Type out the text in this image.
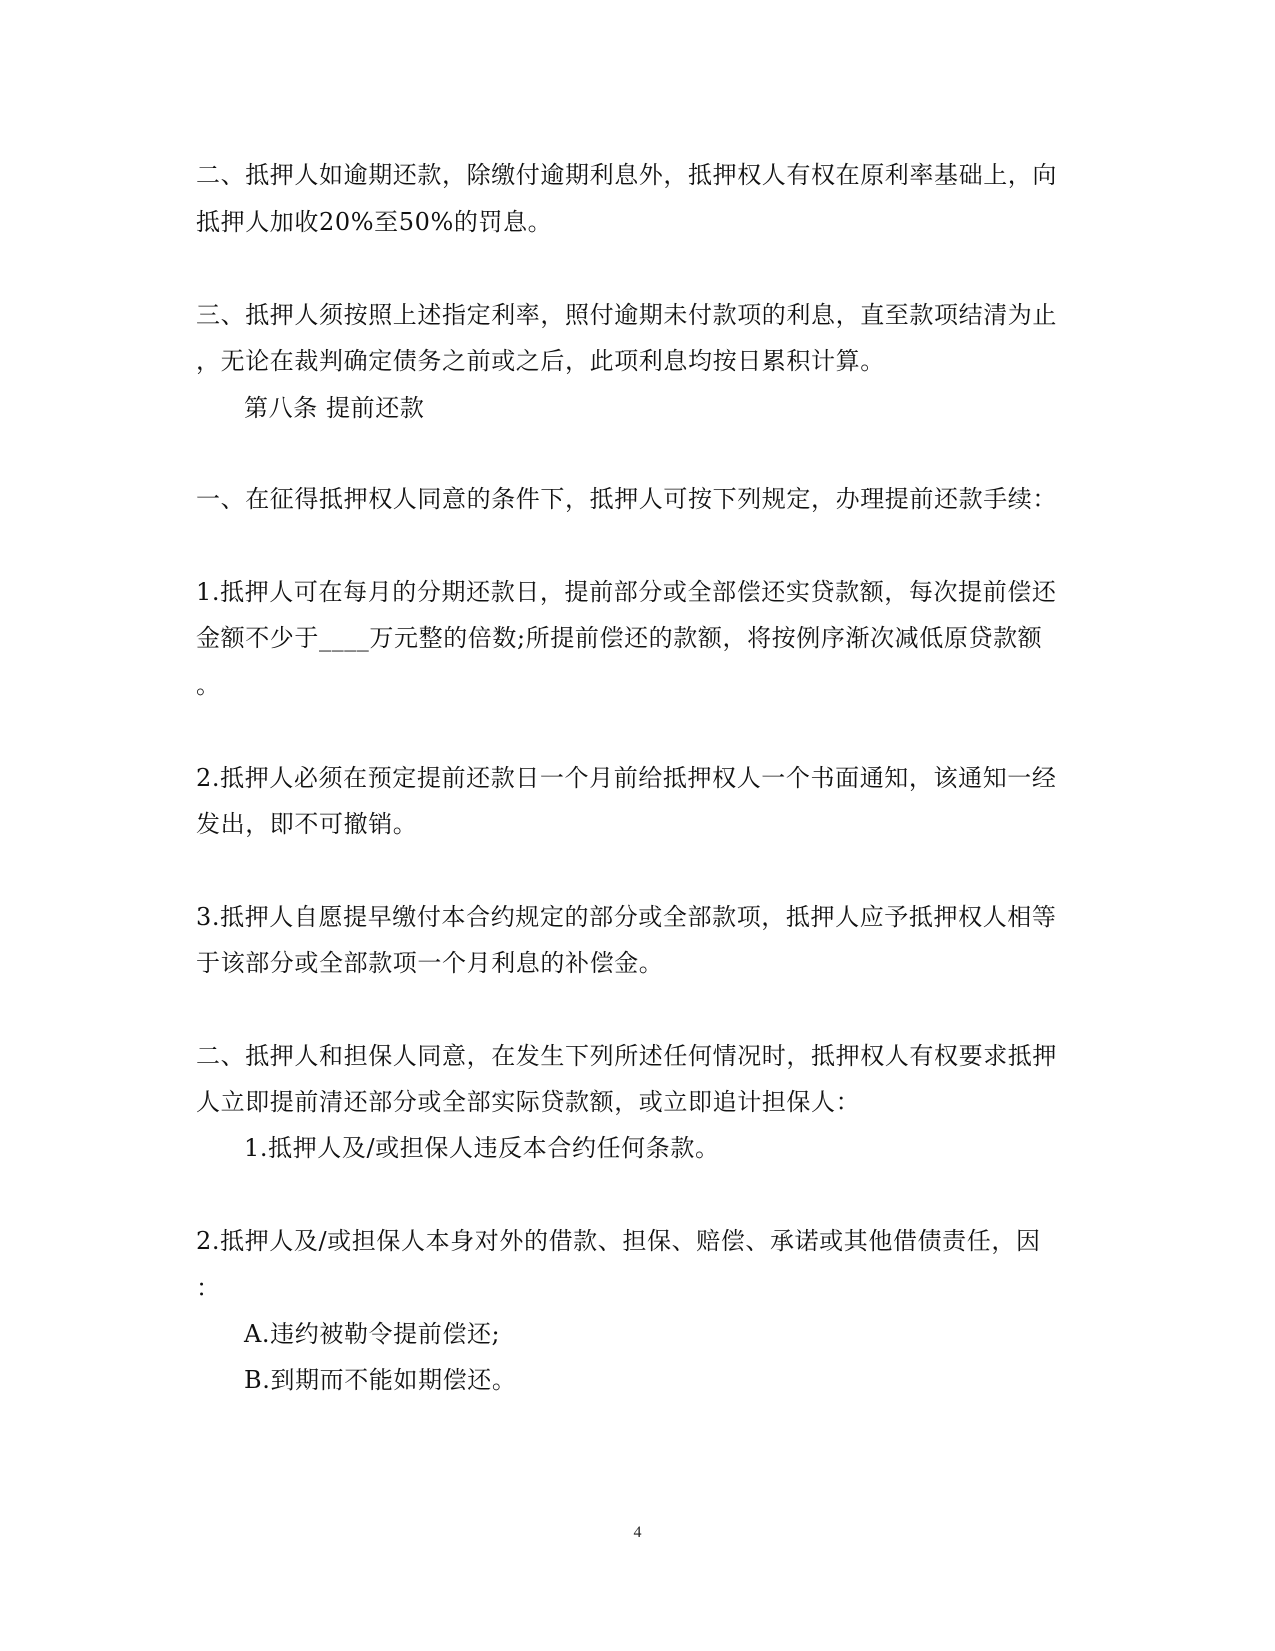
二、抵押人如逾期还款，除缴付逾期利息外，抵押权人有权在原利率基础上，向
抵押人加收20%至50%的罚息。
三、抵押人须按照上述指定利率，照付逾期未付款项的利息，直至款项结清为止
，无论在裁判确定债务之前或之后，此项利息均按日累积计算。
第八条 提前还款
一、在征得抵押权人同意的条件下，抵押人可按下列规定，办理提前还款手续：
1.抵押人可在每月的分期还款日，提前部分或全部偿还实贷款额，每次提前偿还
金额不少于____万元整的倍数;所提前偿还的款额，将按例序渐次减低原贷款额
。
2.抵押人必须在预定提前还款日一个月前给抵押权人一个书面通知，该通知一经
发出，即不可撤销。
3.抵押人自愿提早缴付本合约规定的部分或全部款项，抵押人应予抵押权人相等
于该部分或全部款项一个月利息的补偿金。
二、抵押人和担保人同意，在发生下列所述任何情况时，抵押权人有权要求抵押
人立即提前清还部分或全部实际贷款额，或立即追计担保人：
1.抵押人及/或担保人违反本合约任何条款。
2.抵押人及/或担保人本身对外的借款、担保、赔偿、承诺或其他借债责任，因
：
A.违约被勒令提前偿还;
B.到期而不能如期偿还。
4
